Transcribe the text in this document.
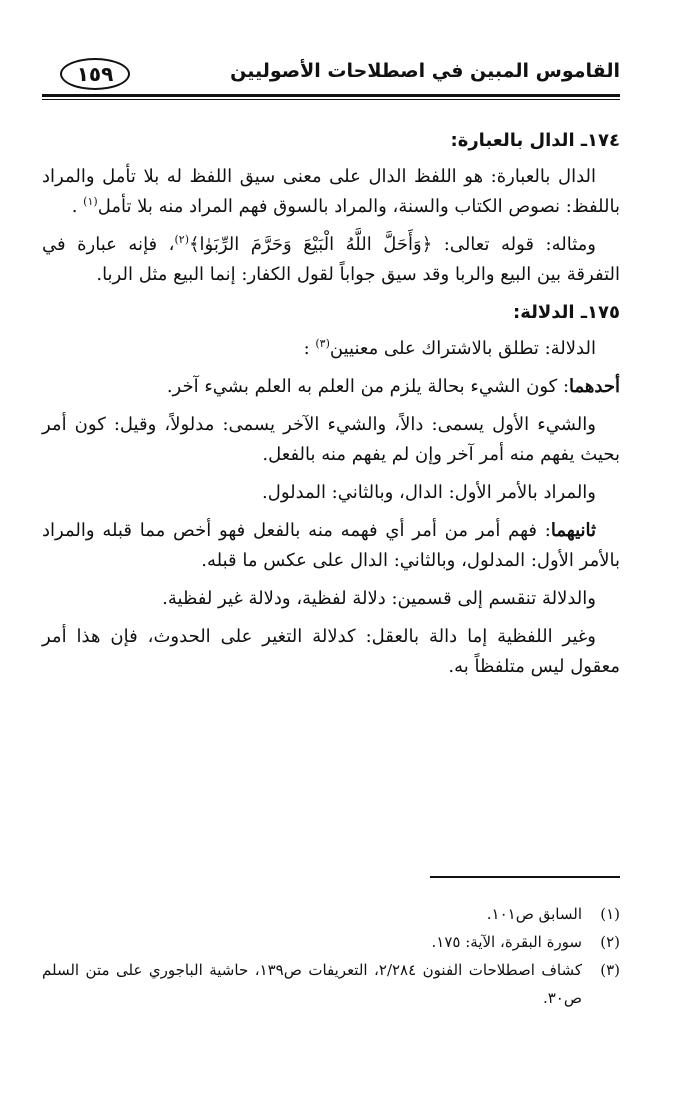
١٥٩	القاموس المبين في اصطلاحات الأصوليين
١٧٤ـ الدال بالعبارة:

الدال بالعبارة: هو اللفظ الدال على معنى سيق اللفظ له بلا تأمل والمراد باللفظ: نصوص الكتاب والسنة، والمراد بالسوق فهم المراد منه بلا تأمل$^{(١)}$ .

ومثاله: قوله تعالى: ﴿وَأَحَلَّ اللَّهُ الْبَيْعَ وَحَرَّمَ الرِّبَوٰا﴾$^{(٢)}$، فإنه عبارة في التفرقة بين البيع والربا وقد سيق جواباً لقول الكفار: إنما البيع مثل الربا.

١٧٥ـ الدلالة:

الدلالة: تطلق بالاشتراك على معنيين$^{(٣)}$ :

أحدهما: كون الشيء بحالة يلزم من العلم به العلم بشيء آخر.

والشيء الأول يسمى: دالاً، والشيء الآخر يسمى: مدلولاً، وقيل: كون أمر بحيث يفهم منه أمر آخر وإن لم يفهم منه بالفعل.

والمراد بالأمر الأول: الدال، وبالثاني: المدلول.

ثانيهما: فهم أمر من أمر أي فهمه منه بالفعل فهو أخص مما قبله والمراد بالأمر الأول: المدلول، وبالثاني: الدال على عكس ما قبله.

والدلالة تنقسم إلى قسمين: دلالة لفظية، ودلالة غير لفظية.

وغير اللفظية إما دالة بالعقل: كدلالة التغير على الحدوث، فإن هذا أمر معقول ليس متلفظاً به.

(١)
السابق ص١٠١.
(٢)
سورة البقرة، الآية: ١٧٥.
(٣)
كشاف اصطلاحات الفنون ٢/٢٨٤، التعريفات ص١٣٩، حاشية الباجوري على متن السلم ص٣٠.
